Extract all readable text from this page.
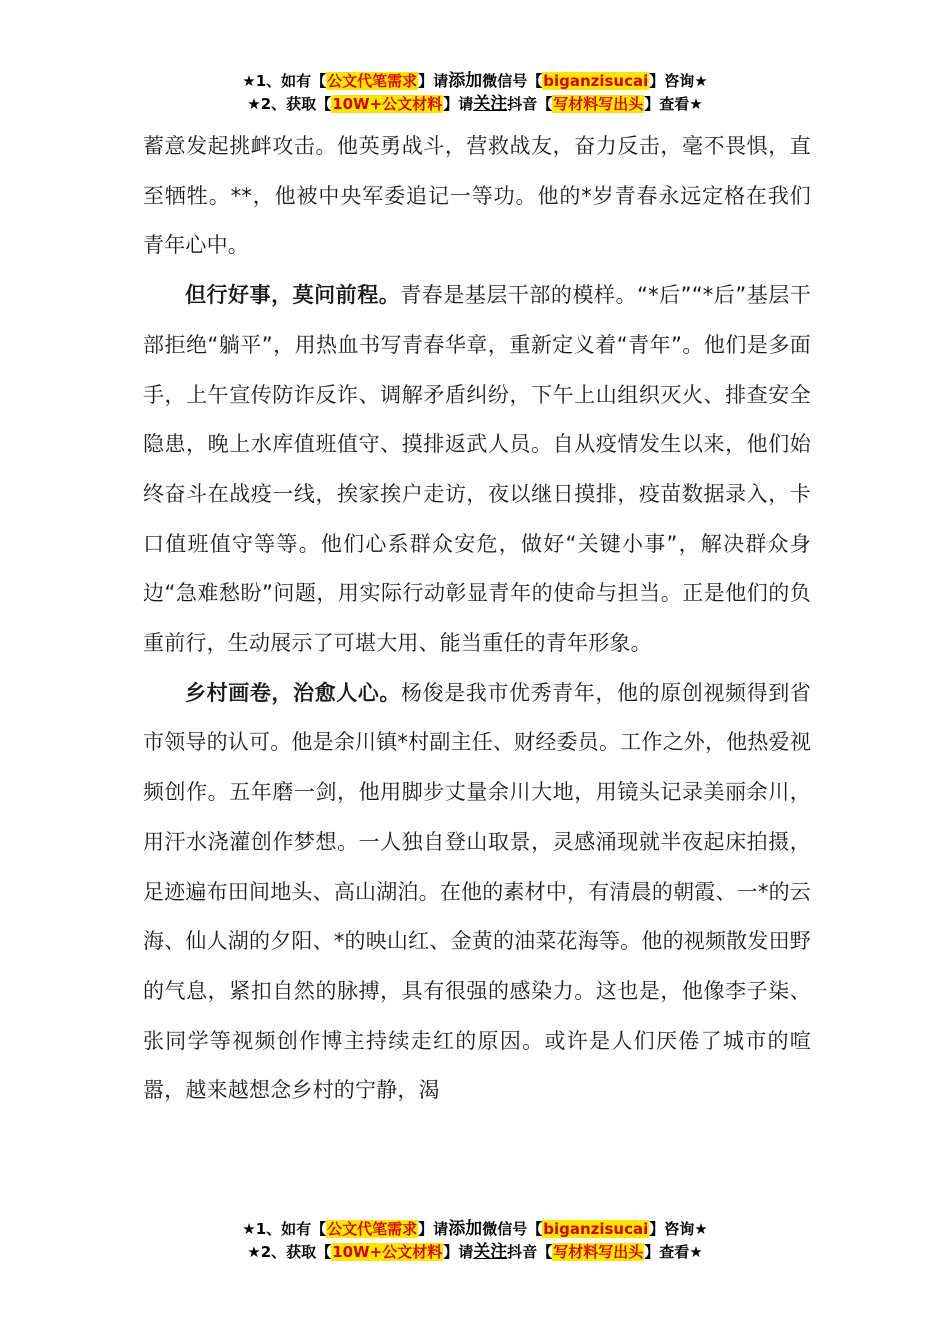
★1、如有【公文代笔需求】请添加微信号【biganzisucai】咨询★
★2、获取【10W+公文材料】请关注抖音【写材料写出头】查看★

蓄意发起挑衅攻击。他英勇战斗，营救战友，奋力反击，毫不畏惧，直至牺牲。**，他被中央军委追记一等功。他的*岁青春永远定格在我们青年心中。

但行好事，莫问前程。青春是基层干部的模样。“*后”“*后”基层干部拒绝“躺平”，用热血书写青春华章，重新定义着“青年”。他们是多面手，上午宣传防诈反诈、调解矛盾纠纷，下午上山组织灭火、排查安全隐患，晚上水库值班值守、摸排返武人员。自从疫情发生以来，他们始终奋斗在战疫一线，挨家挨户走访，夜以继日摸排，疫苗数据录入，卡口值班值守等等。他们心系群众安危，做好“关键小事”，解决群众身边“急难愁盼”问题，用实际行动彰显青年的使命与担当。正是他们的负重前行，生动展示了可堪大用、能当重任的青年形象。

乡村画卷，治愈人心。杨俊是我市优秀青年，他的原创视频得到省市领导的认可。他是余川镇*村副主任、财经委员。工作之外，他热爱视频创作。五年磨一剑，他用脚步丈量余川大地，用镜头记录美丽余川，用汗水浇灌创作梦想。一人独自登山取景，灵感涌现就半夜起床拍摄，足迹遍布田间地头、高山湖泊。在他的素材中，有清晨的朝霞、一*的云海、仙人湖的夕阳、*的映山红、金黄的油菜花海等。他的视频散发田野的气息，紧扣自然的脉搏，具有很强的感染力。这也是，他像李子柒、张同学等视频创作博主持续走红的原因。或许是人们厌倦了城市的喧嚣，越来越想念乡村的宁静，渴

★1、如有【公文代笔需求】请添加微信号【biganzisucai】咨询★
★2、获取【10W+公文材料】请关注抖音【写材料写出头】查看★
